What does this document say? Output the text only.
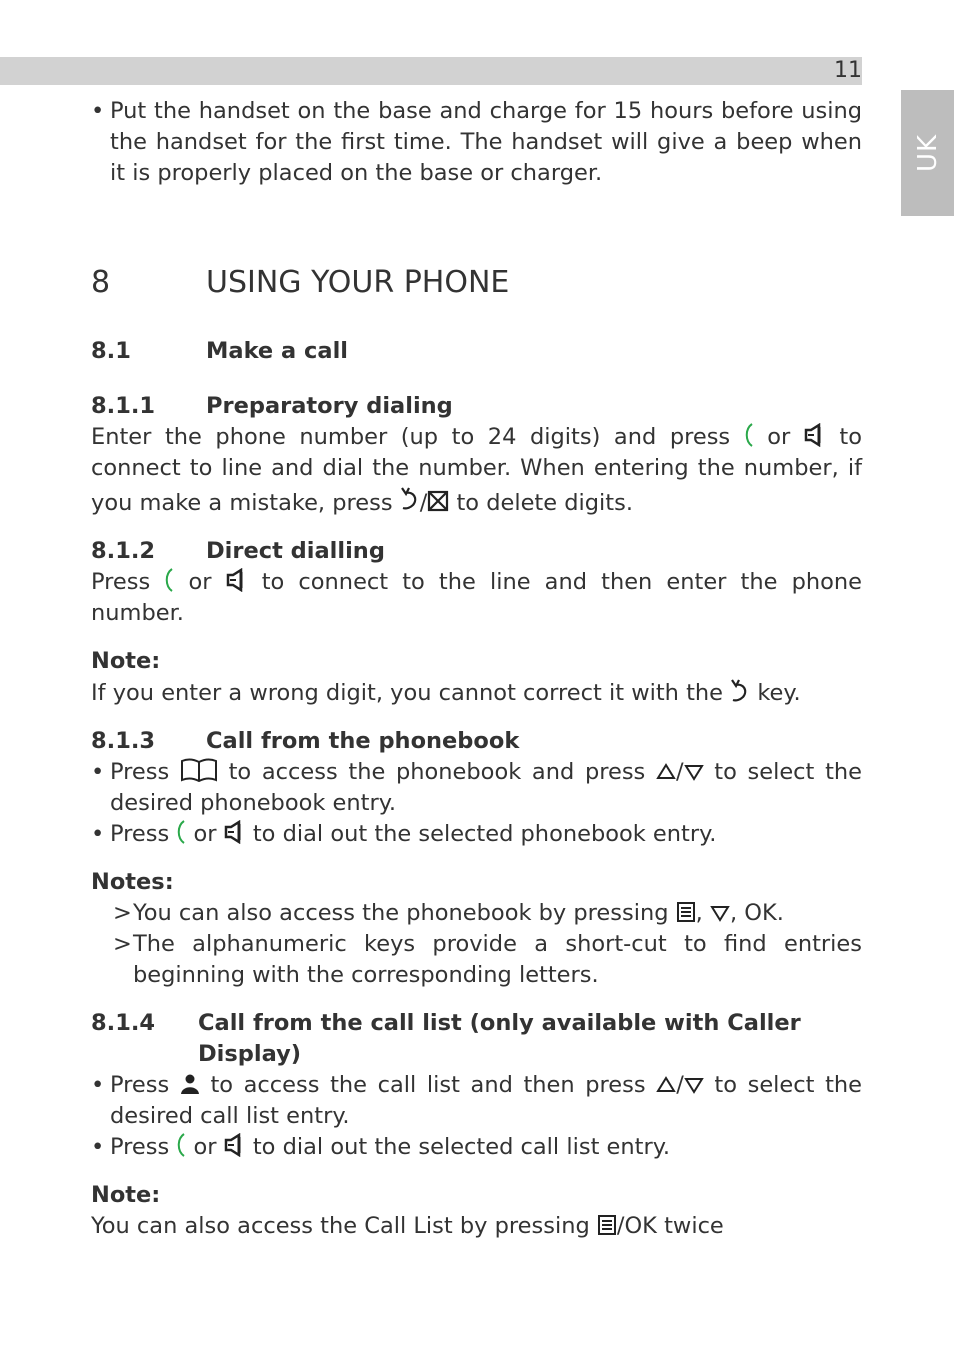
11
UK

• Put the handset on the base and charge for 15 hours before using the handset for the first time. The handset will give a beep when it is properly placed on the base or charger.

8	USING YOUR PHONE
8.1	Make a call
8.1.1	Preparatory dialing

Enter the phone number (up to 24 digits) and press  or  to connect to line and dial the number. When entering the number, if you make a mistake, press / to delete digits.

8.1.2	Direct dialling

Press  or  to connect to the line and then enter the phone number.

Note:

If you enter a wrong digit, you cannot correct it with the  key.

8.1.3	Call from the phonebook

• Press  to access the phonebook and press / to select the desired phonebook entry.

• Press  or  to dial out the selected phonebook entry.

Notes:

> You can also access the phonebook by pressing , , OK.

> The alphanumeric keys provide a short-cut to find entries beginning with the corresponding letters.

8.1.4	Call from the call list (only available with Caller Display)

• Press  to access the call list and then press / to select the desired call list entry.

• Press  or  to dial out the selected call list entry.

Note:

You can also access the Call List by pressing /OK twice
